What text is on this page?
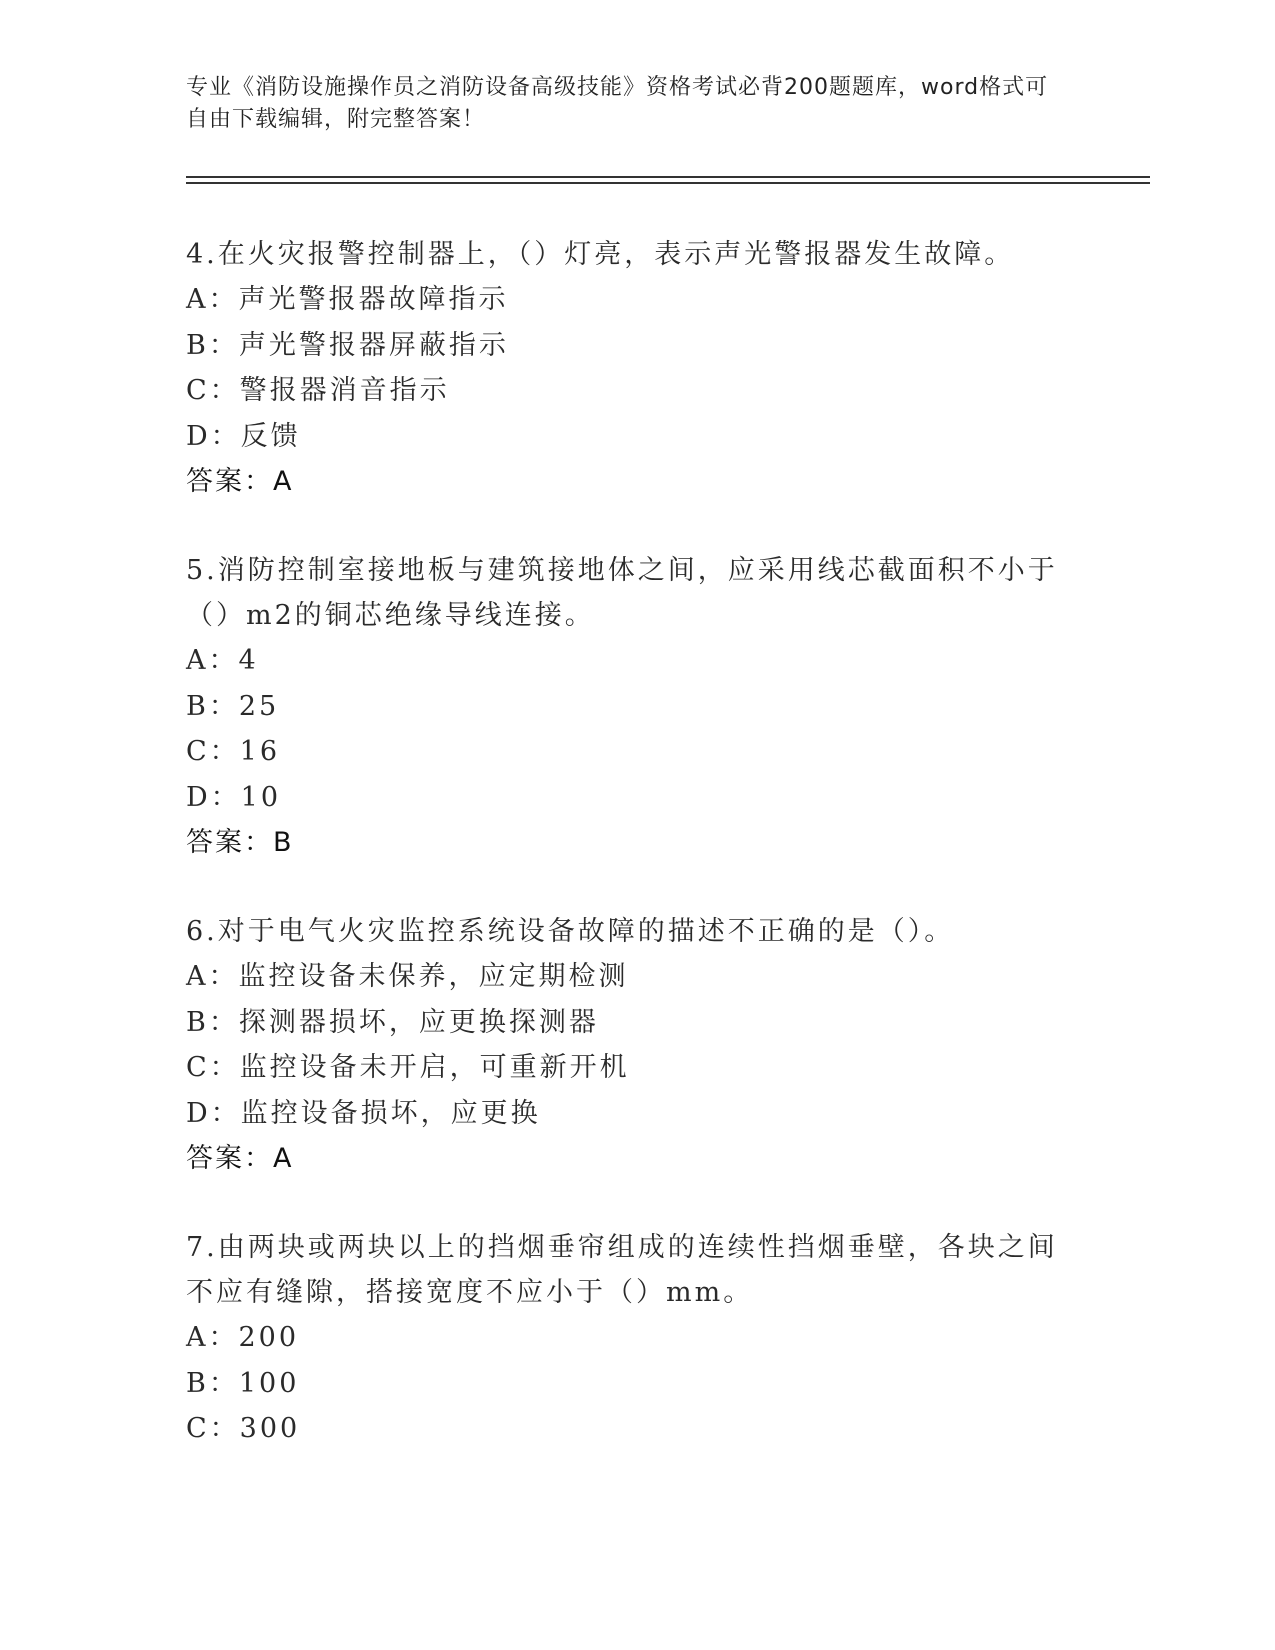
专业《消防设施操作员之消防设备高级技能》资格考试必背200题题库，word格式可自由下载编辑，附完整答案！
4.在火灾报警控制器上，（）灯亮，表示声光警报器发生故障。
A：声光警报器故障指示
B：声光警报器屏蔽指示
C：警报器消音指示
D：反馈
答案：A
5.消防控制室接地板与建筑接地体之间，应采用线芯截面积不小于（）m2的铜芯绝缘导线连接。
A：4
B：25
C：16
D：10
答案：B
6.对于电气火灾监控系统设备故障的描述不正确的是（）。
A：监控设备未保养，应定期检测
B：探测器损坏，应更换探测器
C：监控设备未开启，可重新开机
D：监控设备损坏，应更换
答案：A
7.由两块或两块以上的挡烟垂帘组成的连续性挡烟垂壁，各块之间不应有缝隙，搭接宽度不应小于（）mm。
A：200
B：100
C：300
